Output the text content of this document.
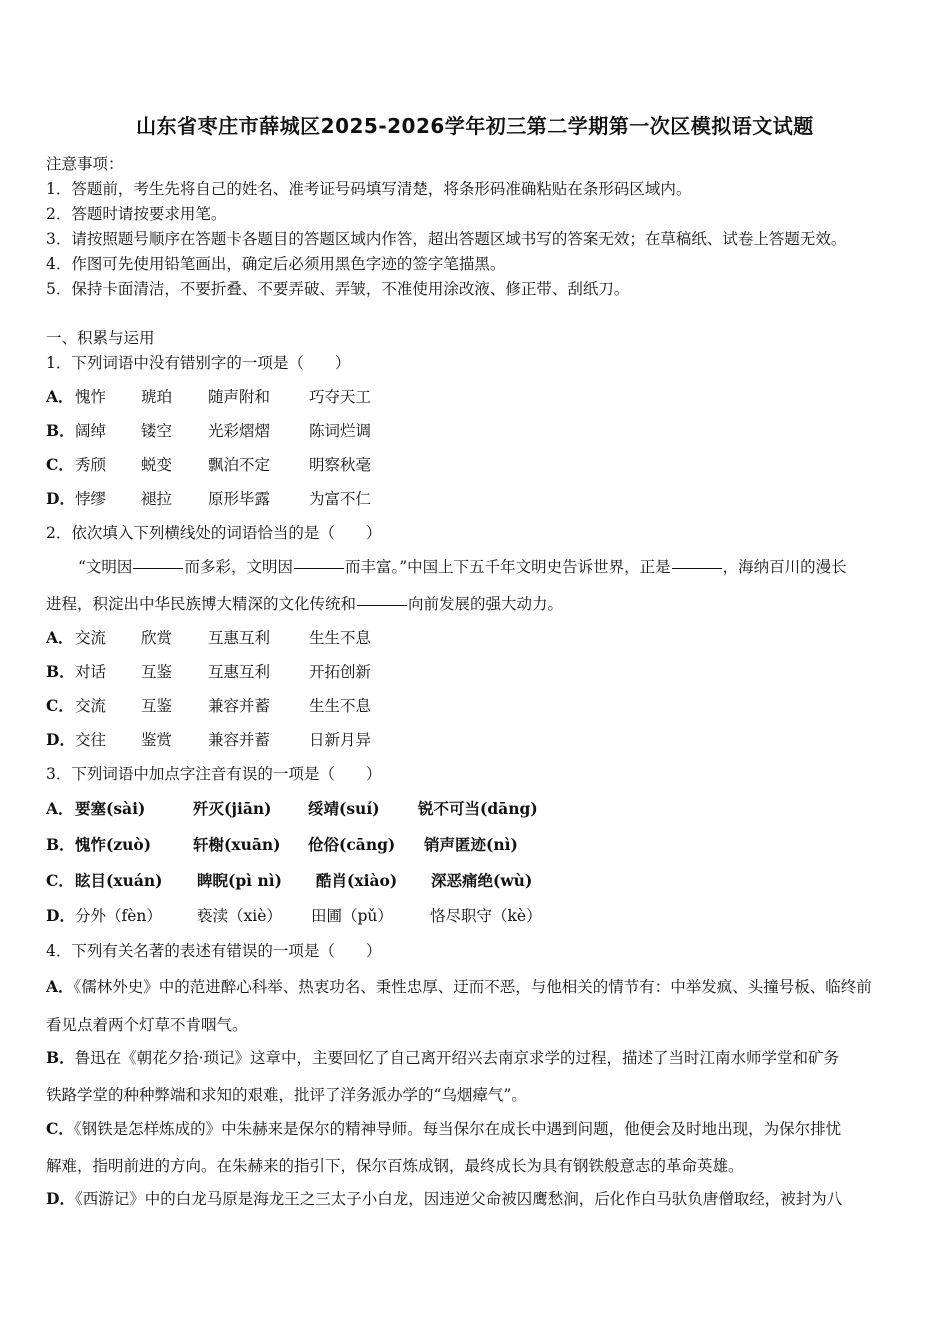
山东省枣庄市薛城区2025-2026学年初三第二学期第一次区模拟语文试题
注意事项：
1．答题前，考生先将自己的姓名、准考证号码填写清楚，将条形码准确粘贴在条形码区域内。
2．答题时请按要求用笔。
3．请按照题号顺序在答题卡各题目的答题区域内作答，超出答题区域书写的答案无效；在草稿纸、试卷上答题无效。
4．作图可先使用铅笔画出，确定后必须用黑色字迹的签字笔描黑。
5．保持卡面清洁，不要折叠、不要弄破、弄皱，不准使用涂改液、修正带、刮纸刀。
一、积累与运用
1．下列词语中没有错别字的一项是（　　）
A． 愧怍 琥珀 随声附和	巧夺天工
B． 阔绰 镂空 光彩熠熠	陈词烂调
C． 秀颀 蜕变 飘泊不定	明察秋毫
D． 悖缪 褪拉 原形毕露	为富不仁
2．依次填入下列横线处的词语恰当的是（　　）
“文明因	而多彩，文明因	而丰富。”中国上下五千年文明史告诉世界，正是	，海纳百川的漫长
进程，积淀出中华民族博大精深的文化传统和	向前发展的强大动力。
A． 交流 欣赏 互惠互利	生生不息
B． 对话 互鉴 互惠互利	开拓创新
C． 交流 互鉴 兼容并蓄	生生不息
D． 交往 鉴赏 兼容并蓄	日新月异
3．下列词语中加点字注音有误的一项是（　　）
A． 要塞(sài)	歼灭(jiān) 绥靖(suí) 锐不可当(dāng)
B． 愧怍(zuò)	轩榭(xuān) 伧俗(cāng) 销声匿迹(nì)
C． 眩目(xuán) 睥睨(pì nì) 酷肖(xiào) 深恶痛绝(wù)
D． 分外（fèn） 亵渎（xiè） 田圃（pǔ） 恪尽职守（kè）
4．下列有关名著的表述有错误的一项是（　　）
A．《儒林外史》中的范进醉心科举、热衷功名、秉性忠厚、迂而不恶，与他相关的情节有：中举发疯、头撞号板、临终前
看见点着两个灯草不肯咽气。
B．鲁迅在《朝花夕拾·琐记》这章中，主要回忆了自己离开绍兴去南京求学的过程，描述了当时江南水师学堂和矿务
铁路学堂的种种弊端和求知的艰难，批评了洋务派办学的“乌烟瘴气”。
C．《钢铁是怎样炼成的》中朱赫来是保尔的精神导师。每当保尔在成长中遇到问题，他便会及时地出现，为保尔排忧
解难，指明前进的方向。在朱赫来的指引下，保尔百炼成钢，最终成长为具有钢铁般意志的革命英雄。
D．《西游记》中的白龙马原是海龙王之三太子小白龙，因违逆父命被囚鹰愁涧，后化作白马驮负唐僧取经，被封为八
